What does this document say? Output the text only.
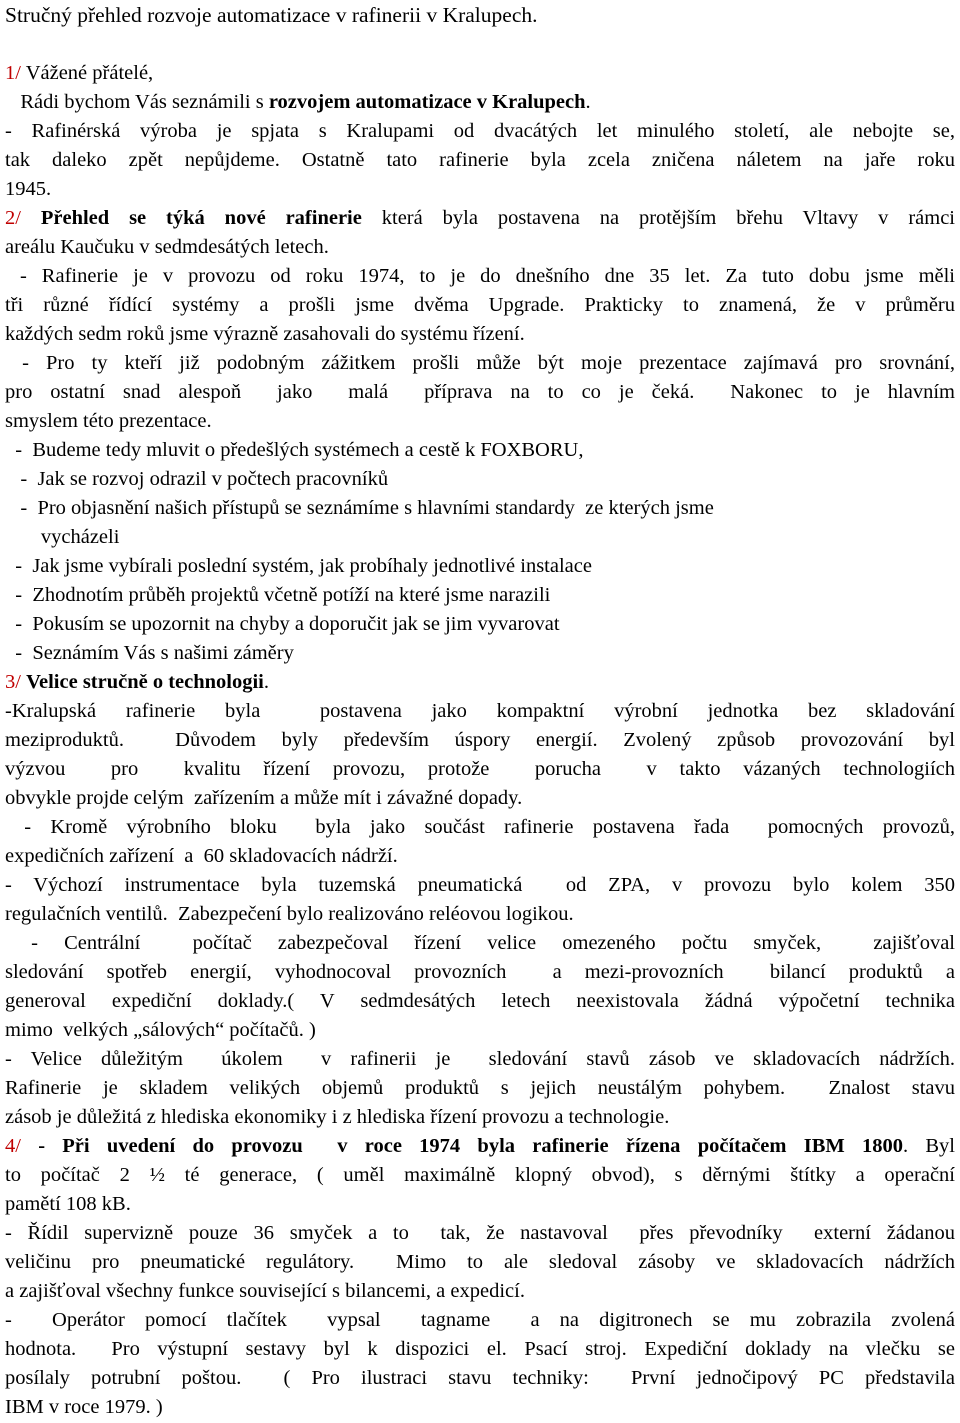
Stručný přehled rozvoje automatizace v rafinerii v Kralupech.
1/ Vážené přátelé,
Rádi bychom Vás seznámili s rozvojem automatizace v Kralupech.
- Rafinérská výroba je spjata s Kralupami od dvacátých let minulého století, ale nebojte se,
tak daleko zpět nepůjdeme. Ostatně tato rafinerie byla zcela zničena náletem na jaře roku
1945.
2/ Přehled se týká nové rafinerie která byla postavena na protějším břehu Vltavy v rámci
areálu Kaučuku v sedmdesátých letech.
- Rafinerie je v provozu od roku 1974, to je do dnešního dne 35 let. Za tuto dobu jsme měli
tři různé řídící systémy a prošli jsme dvěma Upgrade. Prakticky to znamená, že v průměru
každých sedm roků jsme výrazně zasahovali do systému řízení.
- Pro ty kteří již podobným zážitkem prošli může být moje prezentace zajímavá pro srovnání,
pro ostatní snad alespoň  jako  malá  příprava na to co je čeká.  Nakonec to je hlavním
smyslem této prezentace.
-  Budeme tedy mluvit o předešlých systémech a cestě k FOXBORU,
-  Jak se rozvoj odrazil v počtech pracovníků
-  Pro objasnění našich přístupů se seznámíme s hlavními standardy  ze kterých jsme
vycházeli
-  Jak jsme vybírali poslední systém, jak probíhaly jednotlivé instalace
-  Zhodnotím průběh projektů včetně potíží na které jsme narazili
-  Pokusím se upozornit na chyby a doporučit jak se jim vyvarovat
-  Seznámím Vás s našimi záměry
3/ Velice stručně o technologii.
-Kralupská rafinerie byla  postavena jako kompaktní výrobní jednotka bez skladování
meziproduktů.  Důvodem byly především úspory energií. Zvolený způsob provozování byl
výzvou  pro  kvalitu řízení provozu, protože  porucha  v takto vázaných technologiích
obvykle projde celým  zařízením a může mít i závažné dopady.
- Kromě výrobního bloku  byla jako součást rafinerie postavena řada  pomocných provozů,
expedičních zařízení  a  60 skladovacích nádrží.
- Výchozí instrumentace byla tuzemská pneumatická  od ZPA, v provozu bylo kolem 350
regulačních ventilů.  Zabezpečení bylo realizováno reléovou logikou.
- Centrální  počítač zabezpečoval řízení velice omezeného počtu smyček,  zajišťoval
sledování spotřeb energií, vyhodnocoval provozních  a mezi-provozních  bilancí produktů a
generoval expediční doklady.( V sedmdesátých letech neexistovala žádná výpočetní technika
mimo  velkých „sálových“ počítačů. )
- Velice důležitým  úkolem  v rafinerii je  sledování stavů zásob ve skladovacích nádržích.
Rafinerie je skladem velikých objemů produktů s jejich neustálým pohybem.  Znalost stavu
zásob je důležitá z hlediska ekonomiky i z hlediska řízení provozu a technologie.
4/ - Při uvedení do provozu  v roce 1974 byla rafinerie řízena počítačem IBM 1800. Byl
to počítač 2 ½ té generace, ( uměl maximálně klopný obvod), s děrnými štítky a operační
pamětí 108 kB.
- Řídil supervizně pouze 36 smyček a to  tak, že nastavoval  přes převodníky  externí žádanou
veličinu pro pneumatické regulátory.  Mimo to ale sledoval zásoby ve skladovacích nádržích
a zajišťoval všechny funkce související s bilancemi, a expedicí.
-  Operátor pomocí tlačítek  vypsal  tagname  a na digitronech se mu zobrazila zvolená
hodnota.  Pro výstupní sestavy byl k dispozici el. Psací stroj. Expediční doklady na vlečku se
posílaly potrubní poštou.  ( Pro ilustraci stavu techniky:  První jednočipový PC představila
IBM v roce 1979. )
